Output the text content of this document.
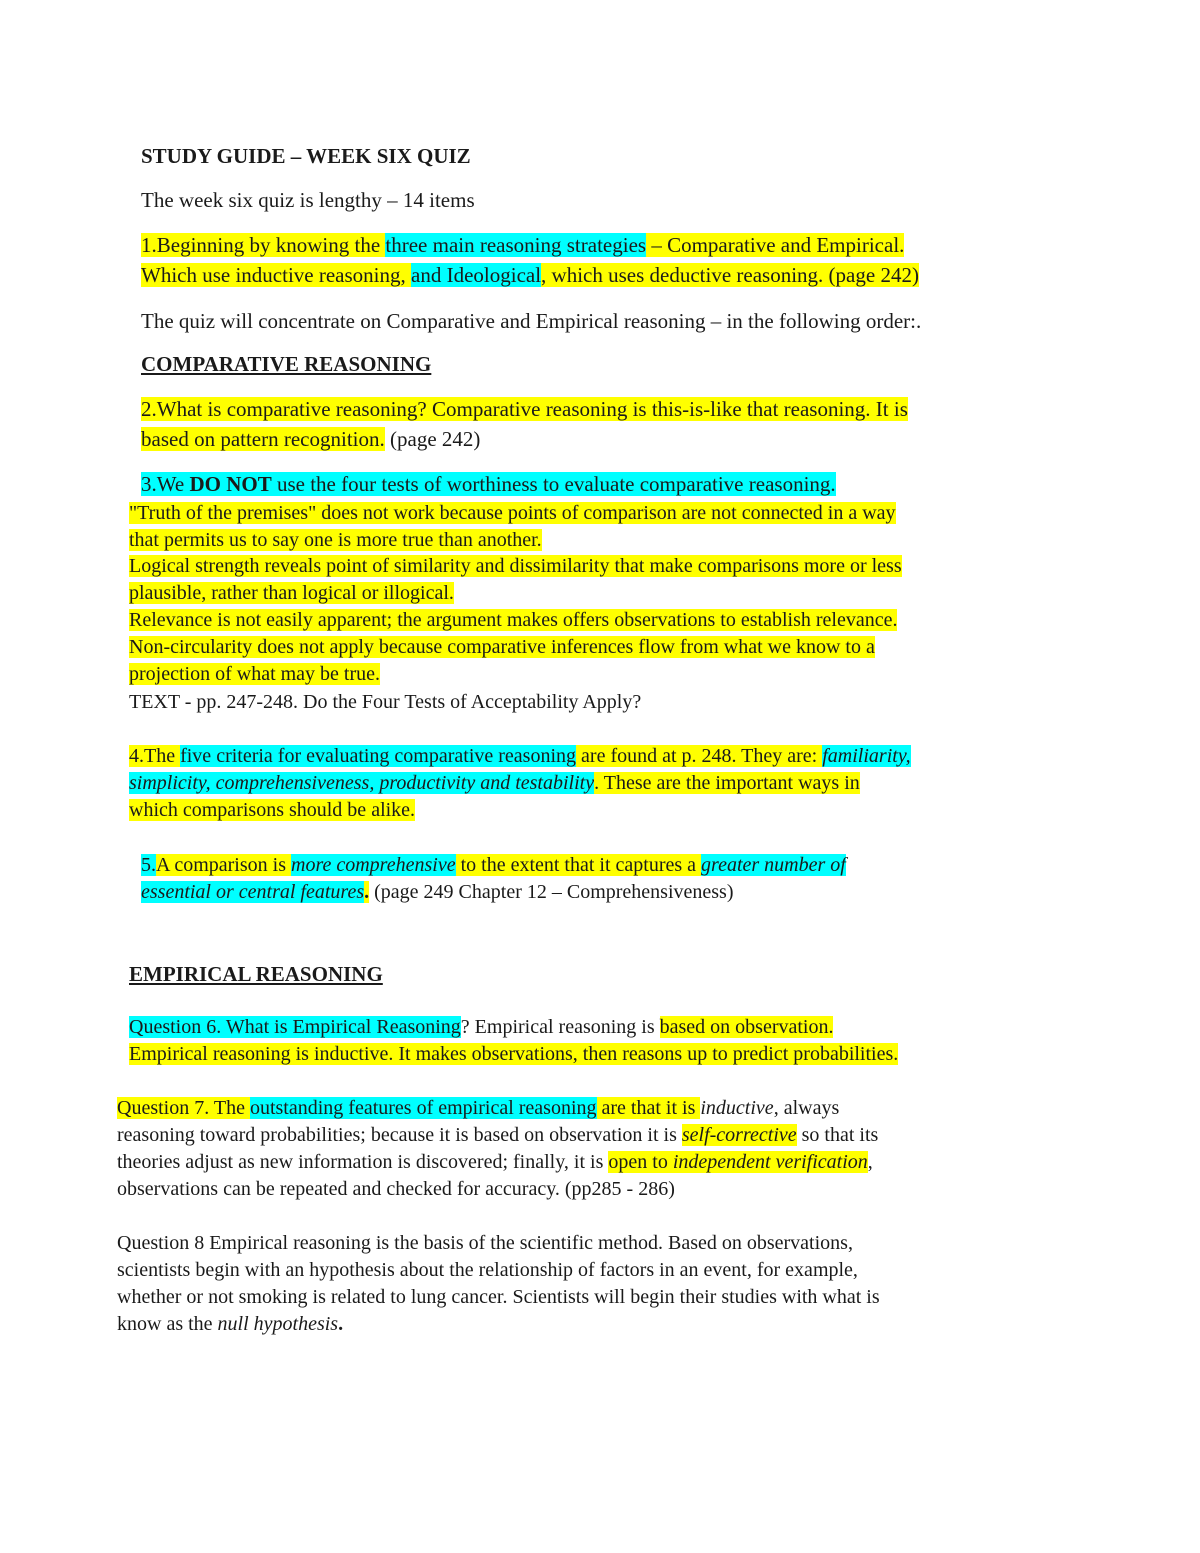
STUDY GUIDE – WEEK SIX QUIZ
The week six quiz is lengthy – 14 items
1.Beginning by knowing the three main reasoning strategies – Comparative and Empirical.
Which use inductive reasoning, and Ideological, which uses deductive reasoning. (page 242)
The quiz will concentrate on Comparative and Empirical reasoning – in the following order:.
COMPARATIVE REASONING
2.What is comparative reasoning? Comparative reasoning is this-is-like that reasoning. It is
based on pattern recognition. (page 242)
3.We DO NOT use the four tests of worthiness to evaluate comparative reasoning.
"Truth of the premises" does not work because points of comparison are not connected in a way
that permits us to say one is more true than another.
Logical strength reveals point of similarity and dissimilarity that make comparisons more or less
plausible, rather than logical or illogical.
Relevance is not easily apparent; the argument makes offers observations to establish relevance.
Non-circularity does not apply because comparative inferences flow from what we know to a
projection of what may be true.
TEXT - pp. 247-248. Do the Four Tests of Acceptability Apply?
4.The five criteria for evaluating comparative reasoning are found at p. 248. They are: familiarity,
simplicity, comprehensiveness, productivity and testability. These are the important ways in
which comparisons should be alike.
5.A comparison is more comprehensive to the extent that it captures a greater number of
essential or central features. (page 249 Chapter 12 – Comprehensiveness)
EMPIRICAL REASONING
Question 6. What is Empirical Reasoning? Empirical reasoning is based on observation.
Empirical reasoning is inductive. It makes observations, then reasons up to predict probabilities.
Question 7. The outstanding features of empirical reasoning are that it is inductive, always
reasoning toward probabilities; because it is based on observation it is self-corrective so that its
theories adjust as new information is discovered; finally, it is open to independent verification,
observations can be repeated and checked for accuracy. (pp285 - 286)
Question 8 Empirical reasoning is the basis of the scientific method. Based on observations,
scientists begin with an hypothesis about the relationship of factors in an event, for example,
whether or not smoking is related to lung cancer. Scientists will begin their studies with what is
know as the null hypothesis.
